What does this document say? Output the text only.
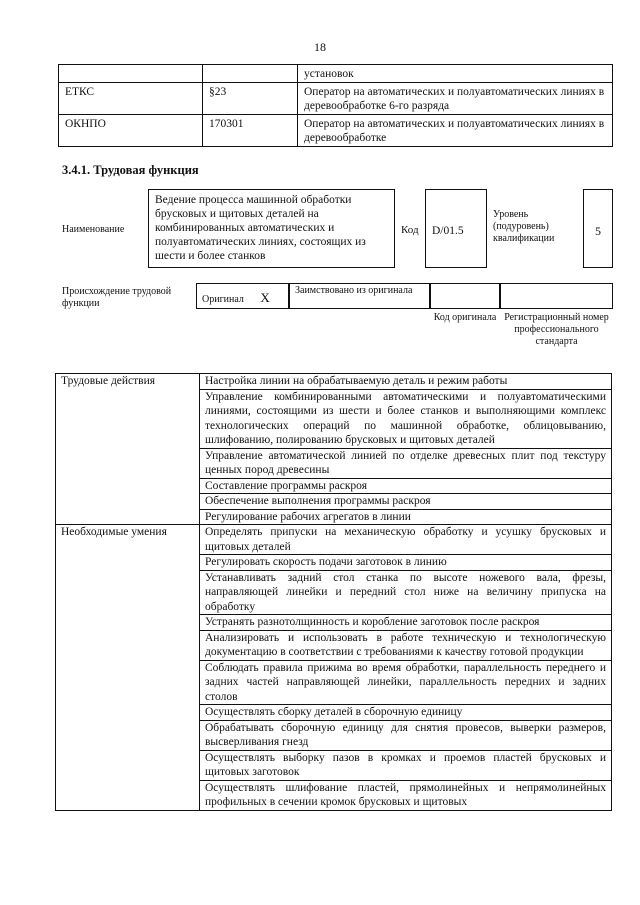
18
		установок
ЕТКС	§23	Оператор на автоматических и полуавтоматических линиях в деревообработке 6-го разряда
ОКНПО	170301	Оператор на автоматических и полуавтоматических линиях в деревообработке
3.4.1. Трудовая функция
Наименование
Ведение процесса машинной обработки брусковых и щитовых деталей на комбинированных автоматических и полуавтоматических линиях, состоящих из шести и более станков
Код	D/01.5
Уровень (подуровень) квалификации
5
Происхождение трудовой функции	Оригинал X	Заимствовано из оригинала
Код оригинала Регистрационный номер профессионального стандарта
Трудовые действия	Настройка линии на обрабатываемую деталь и режим работы
	Управление комбинированными автоматическими и полуавтоматическими линиями, состоящими из шести и более станков и выполняющими комплекс технологических операций по машинной обработке, облицовыванию, шлифованию, полированию брусковых и щитовых деталей
	Управление автоматической линией по отделке древесных плит под текстуру ценных пород древесины
	Составление программы раскроя
	Обеспечение выполнения программы раскроя
	Регулирование рабочих агрегатов в линии
Необходимые умения	Определять припуски на механическую обработку и усушку брусковых и щитовых деталей
	Регулировать скорость подачи заготовок в линию
	Устанавливать задний стол станка по высоте ножевого вала, фрезы, направляющей линейки и передний стол ниже на величину припуска на обработку
	Устранять разнотолщинность и коробление заготовок после раскроя
	Анализировать и использовать в работе техническую и технологическую документацию в соответствии с требованиями к качеству готовой продукции
	Соблюдать правила прижима во время обработки, параллельность переднего и задних частей направляющей линейки, параллельность передних и задних столов
	Осуществлять сборку деталей в сборочную единицу
	Обрабатывать сборочную единицу для снятия провесов, выверки размеров, высверливания гнезд
	Осуществлять выборку пазов в кромках и проемов пластей брусковых и щитовых заготовок
	Осуществлять шлифование пластей, прямолинейных и непрямолинейных профильных в сечении кромок брусковых и щитовых
